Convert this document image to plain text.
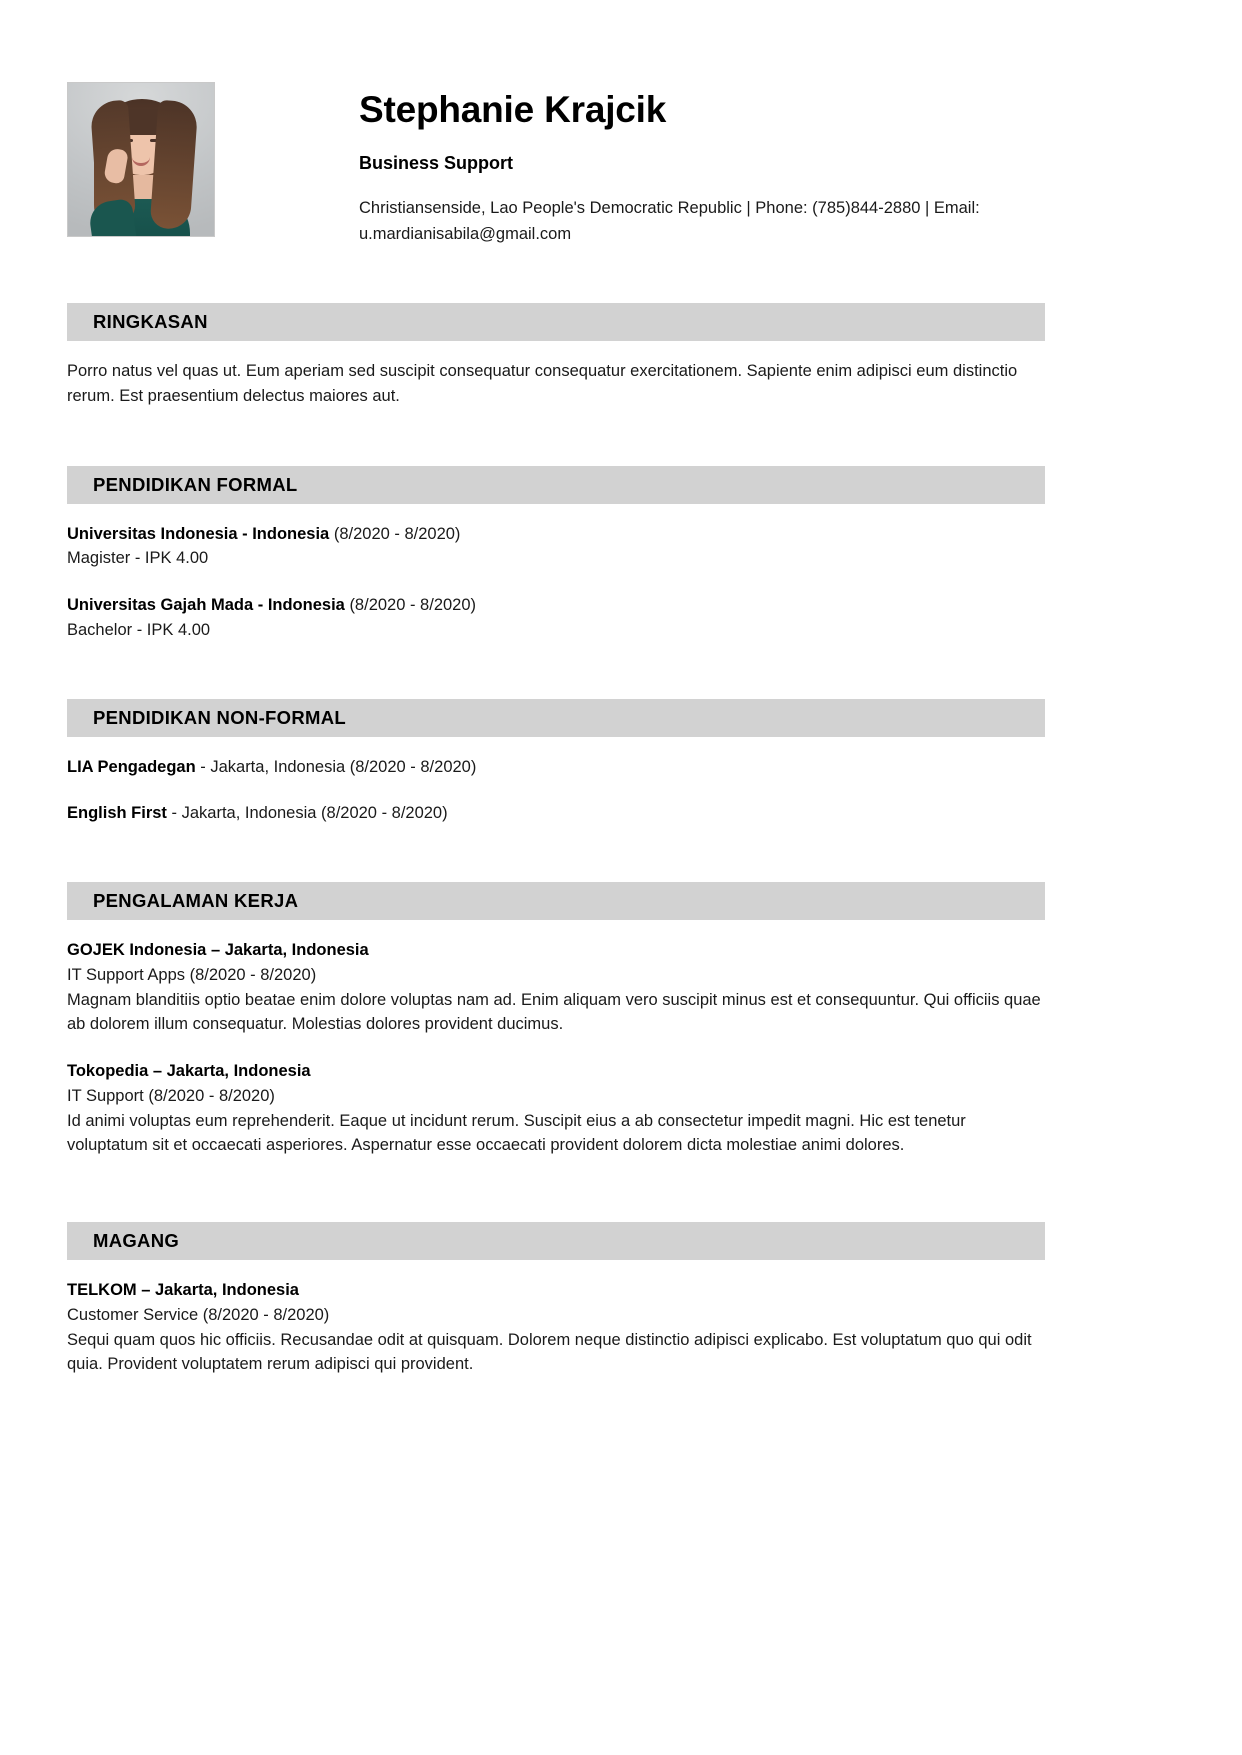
Stephanie Krajcik
Business Support
Christiansenside, Lao People's Democratic Republic | Phone: (785)844-2880 | Email: u.mardianisabila@gmail.com
RINGKASAN

Porro natus vel quas ut. Eum aperiam sed suscipit consequatur consequatur exercitationem. Sapiente enim adipisci eum distinctio rerum. Est praesentium delectus maiores aut.

PENDIDIKAN FORMAL
Universitas Indonesia - Indonesia (8/2020 - 8/2020)
Magister - IPK 4.00
Universitas Gajah Mada - Indonesia (8/2020 - 8/2020)
Bachelor - IPK 4.00
PENDIDIKAN NON-FORMAL
LIA Pengadegan - Jakarta, Indonesia (8/2020 - 8/2020)
English First - Jakarta, Indonesia (8/2020 - 8/2020)
PENGALAMAN KERJA
GOJEK Indonesia – Jakarta, Indonesia
IT Support Apps (8/2020 - 8/2020)
Magnam blanditiis optio beatae enim dolore voluptas nam ad. Enim aliquam vero suscipit minus est et consequuntur. Qui officiis quae ab dolorem illum consequatur. Molestias dolores provident ducimus.
Tokopedia – Jakarta, Indonesia
IT Support (8/2020 - 8/2020)
Id animi voluptas eum reprehenderit. Eaque ut incidunt rerum. Suscipit eius a ab consectetur impedit magni. Hic est tenetur voluptatum sit et occaecati asperiores. Aspernatur esse occaecati provident dolorem dicta molestiae animi dolores.
MAGANG
TELKOM – Jakarta, Indonesia
Customer Service (8/2020 - 8/2020)
Sequi quam quos hic officiis. Recusandae odit at quisquam. Dolorem neque distinctio adipisci explicabo. Est voluptatum quo qui odit quia. Provident voluptatem rerum adipisci qui provident.
